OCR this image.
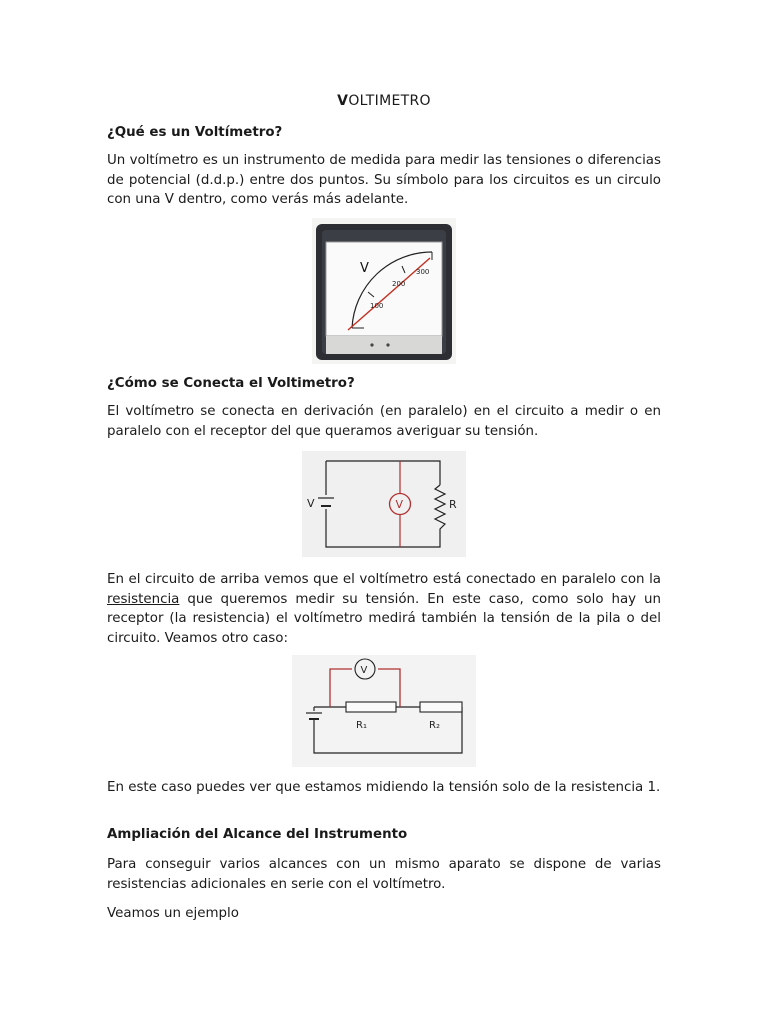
VOLTIMETRO
¿Qué es un Voltímetro?

Un voltímetro es un instrumento de medida para medir las tensiones o diferencias de potencial (d.d.p.) entre dos puntos. Su símbolo para los circuitos es un circulo con una V dentro, como verás más adelante.

V
100
200
300
¿Cómo se Conecta el Voltimetro?

El voltímetro se conecta en derivación (en paralelo) en el circuito a medir o en paralelo con el receptor del que queramos averiguar su tensión.

V	V	R

En el circuito de arriba vemos que el voltímetro está conectado en paralelo con la resistencia que queremos medir su tensión. En este caso, como solo hay un receptor (la resistencia) el voltímetro medirá también la tensión de la pila o del circuito. Veamos otro caso:

V
R₁	R₂

En este caso puedes ver que estamos midiendo la tensión solo de la resistencia 1.

Ampliación del Alcance del Instrumento

Para conseguir varios alcances con un mismo aparato se dispone de varias resistencias adicionales en serie con el voltímetro.

Veamos un ejemplo
